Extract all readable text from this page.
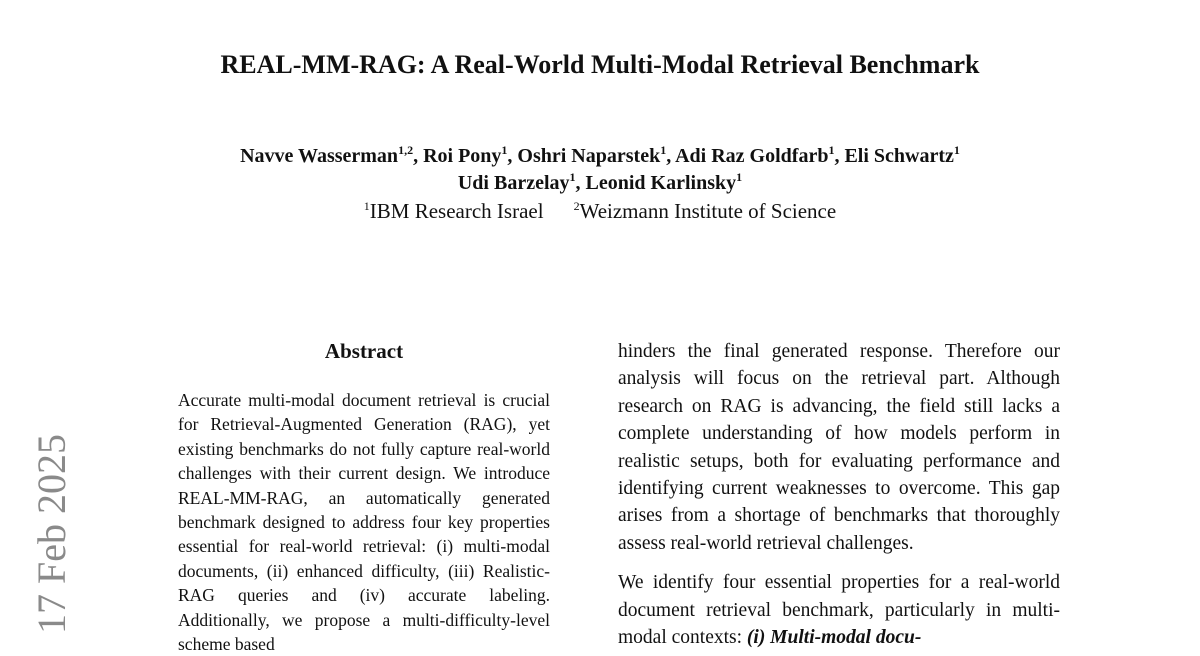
REAL-MM-RAG: A Real-World Multi-Modal Retrieval Benchmark
Navve Wasserman$^{1,2}$, Roi Pony$^1$, Oshri Naparstek$^1$, Adi Raz Goldfarb$^1$, Eli Schwartz$^1$
Udi Barzelay$^1$, Leonid Karlinsky$^1$
$^1$IBM Research Israel	$^2$Weizmann Institute of Science
17 Feb 2025
Abstract

Accurate multi-modal document retrieval is crucial for Retrieval-Augmented Generation (RAG), yet existing benchmarks do not fully capture real-world challenges with their current design. We introduce REAL-MM-RAG, an automatically generated benchmark designed to address four key properties essential for real-world retrieval: (i) multi-modal documents, (ii) enhanced difficulty, (iii) Realistic-RAG queries and (iv) accurate labeling. Additionally, we propose a multi-difficulty-level scheme based

hinders the final generated response. Therefore our analysis will focus on the retrieval part. Although research on RAG is advancing, the field still lacks a complete understanding of how models perform in realistic setups, both for evaluating performance and identifying current weaknesses to overcome. This gap arises from a shortage of benchmarks that thoroughly assess real-world retrieval challenges.

We identify four essential properties for a real-world document retrieval benchmark, particularly in multi-modal contexts: (i) Multi-modal docu-
